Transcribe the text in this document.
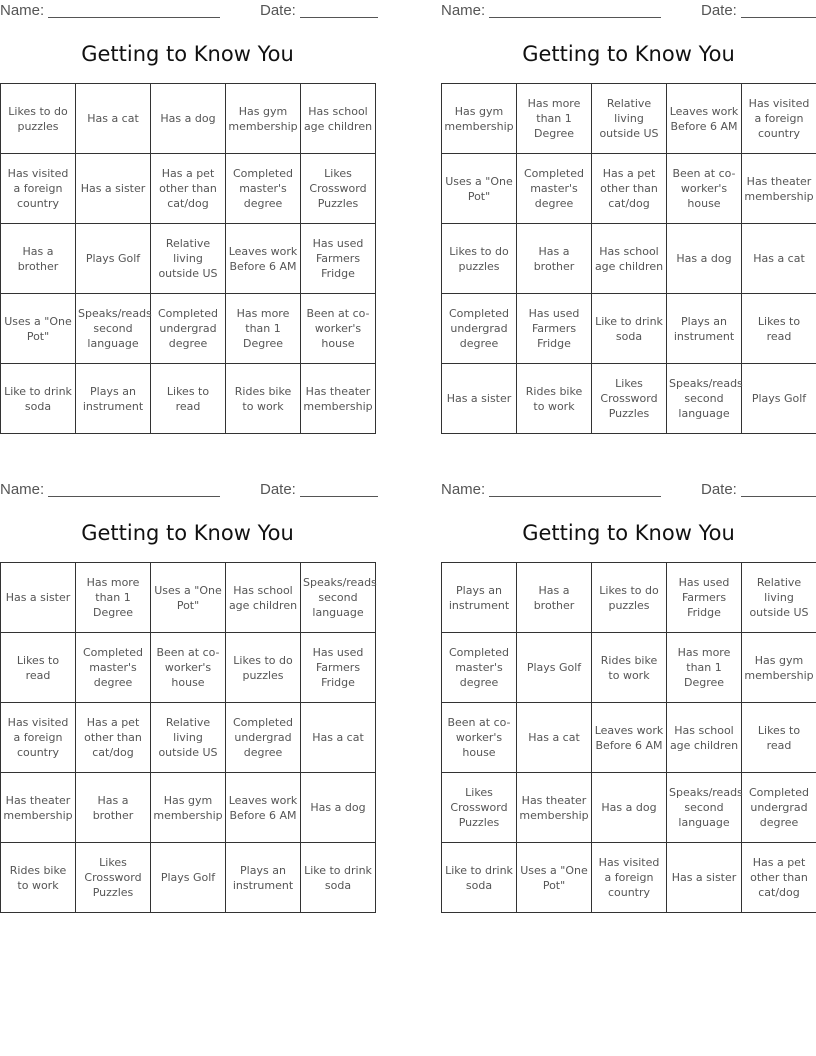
Name:	Date:
Getting to Know You
Likes to do puzzles	Has a cat	Has a dog	Has gym membership	Has school age children
Has visited a foreign country	Has a sister	Has a pet other than cat/dog	Completed master's degree	Likes Crossword Puzzles
Has a brother	Plays Golf	Relative living outside US	Leaves work Before 6 AM	Has used Farmers Fridge
Uses a "One Pot"	Speaks/reads second language	Completed undergrad degree	Has more than 1 Degree	Been at co-worker's house
Like to drink soda	Plays an instrument	Likes to read	Rides bike to work	Has theater membership
Name:	Date:
Getting to Know You
Has gym membership	Has more than 1 Degree	Relative living outside US	Leaves work Before 6 AM	Has visited a foreign country
Uses a "One Pot"	Completed master's degree	Has a pet other than cat/dog	Been at co-worker's house	Has theater membership
Likes to do puzzles	Has a brother	Has school age children	Has a dog	Has a cat
Completed undergrad degree	Has used Farmers Fridge	Like to drink soda	Plays an instrument	Likes to read
Has a sister	Rides bike to work	Likes Crossword Puzzles	Speaks/reads second language	Plays Golf
Name:	Date:
Getting to Know You
Has a sister	Has more than 1 Degree	Uses a "One Pot"	Has school age children	Speaks/reads second language
Likes to read	Completed master's degree	Been at co-worker's house	Likes to do puzzles	Has used Farmers Fridge
Has visited a foreign country	Has a pet other than cat/dog	Relative living outside US	Completed undergrad degree	Has a cat
Has theater membership	Has a brother	Has gym membership	Leaves work Before 6 AM	Has a dog
Rides bike to work	Likes Crossword Puzzles	Plays Golf	Plays an instrument	Like to drink soda
Name:	Date:
Getting to Know You
Plays an instrument	Has a brother	Likes to do puzzles	Has used Farmers Fridge	Relative living outside US
Completed master's degree	Plays Golf	Rides bike to work	Has more than 1 Degree	Has gym membership
Been at co-worker's house	Has a cat	Leaves work Before 6 AM	Has school age children	Likes to read
Likes Crossword Puzzles	Has theater membership	Has a dog	Speaks/reads second language	Completed undergrad degree
Like to drink soda	Uses a "One Pot"	Has visited a foreign country	Has a sister	Has a pet other than cat/dog
